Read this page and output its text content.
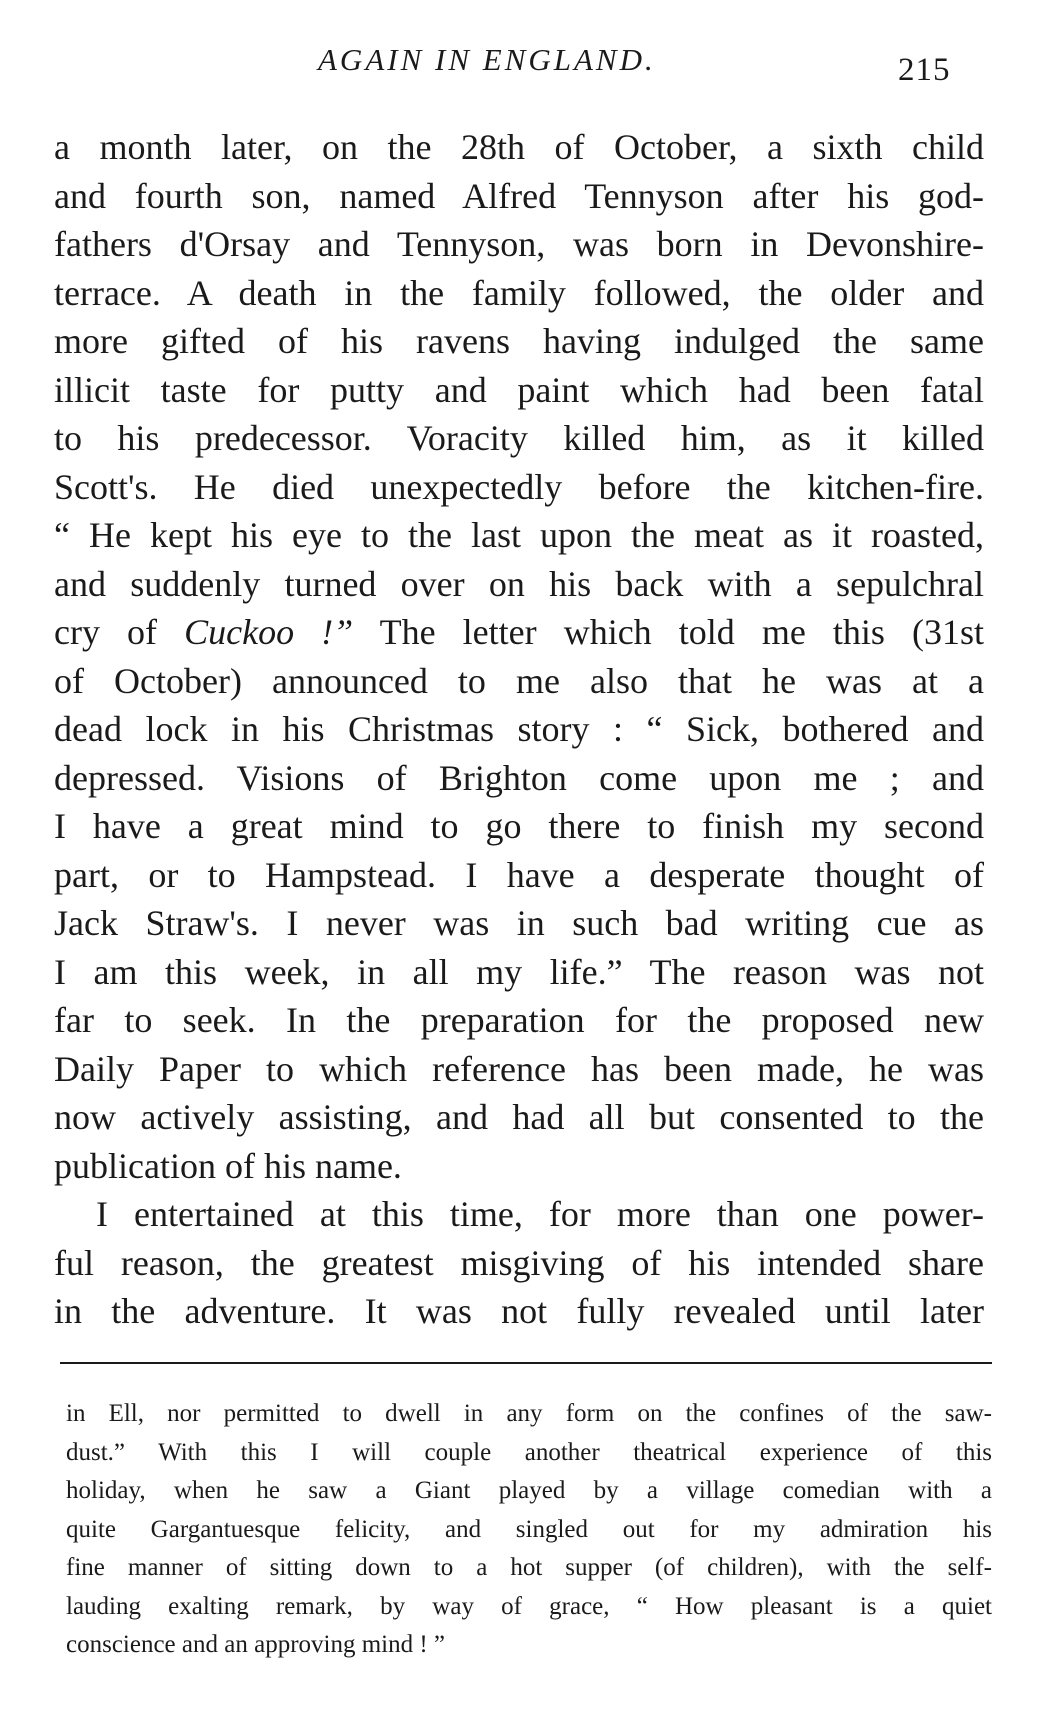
AGAIN IN ENGLAND.	215
a month later, on the 28th of October, a sixth child
and fourth son, named Alfred Tennyson after his god-
fathers d'Orsay and Tennyson, was born in Devonshire-
terrace. A death in the family followed, the older and
more gifted of his ravens having indulged the same
illicit taste for putty and paint which had been fatal
to his predecessor. Voracity killed him, as it killed
Scott's. He died unexpectedly before the kitchen-fire.
“ He kept his eye to the last upon the meat as it roasted,
and suddenly turned over on his back with a sepulchral
cry of Cuckoo !” The letter which told me this (31st
of October) announced to me also that he was at a
dead lock in his Christmas story : “ Sick, bothered and
depressed. Visions of Brighton come upon me ; and
I have a great mind to go there to finish my second
part, or to Hampstead. I have a desperate thought of
Jack Straw's. I never was in such bad writing cue as
I am this week, in all my life.” The reason was not
far to seek. In the preparation for the proposed new
Daily Paper to which reference has been made, he was
now actively assisting, and had all but consented to the
publication of his name.
I entertained at this time, for more than one power-
ful reason, the greatest misgiving of his intended share
in the adventure. It was not fully revealed until later
in Ell, nor permitted to dwell in any form on the confines of the saw-
dust.” With this I will couple another theatrical experience of this
holiday, when he saw a Giant played by a village comedian with a
quite Gargantuesque felicity, and singled out for my admiration his
fine manner of sitting down to a hot supper (of children), with the self-
lauding exalting remark, by way of grace, “ How pleasant is a quiet
conscience and an approving mind ! ”
